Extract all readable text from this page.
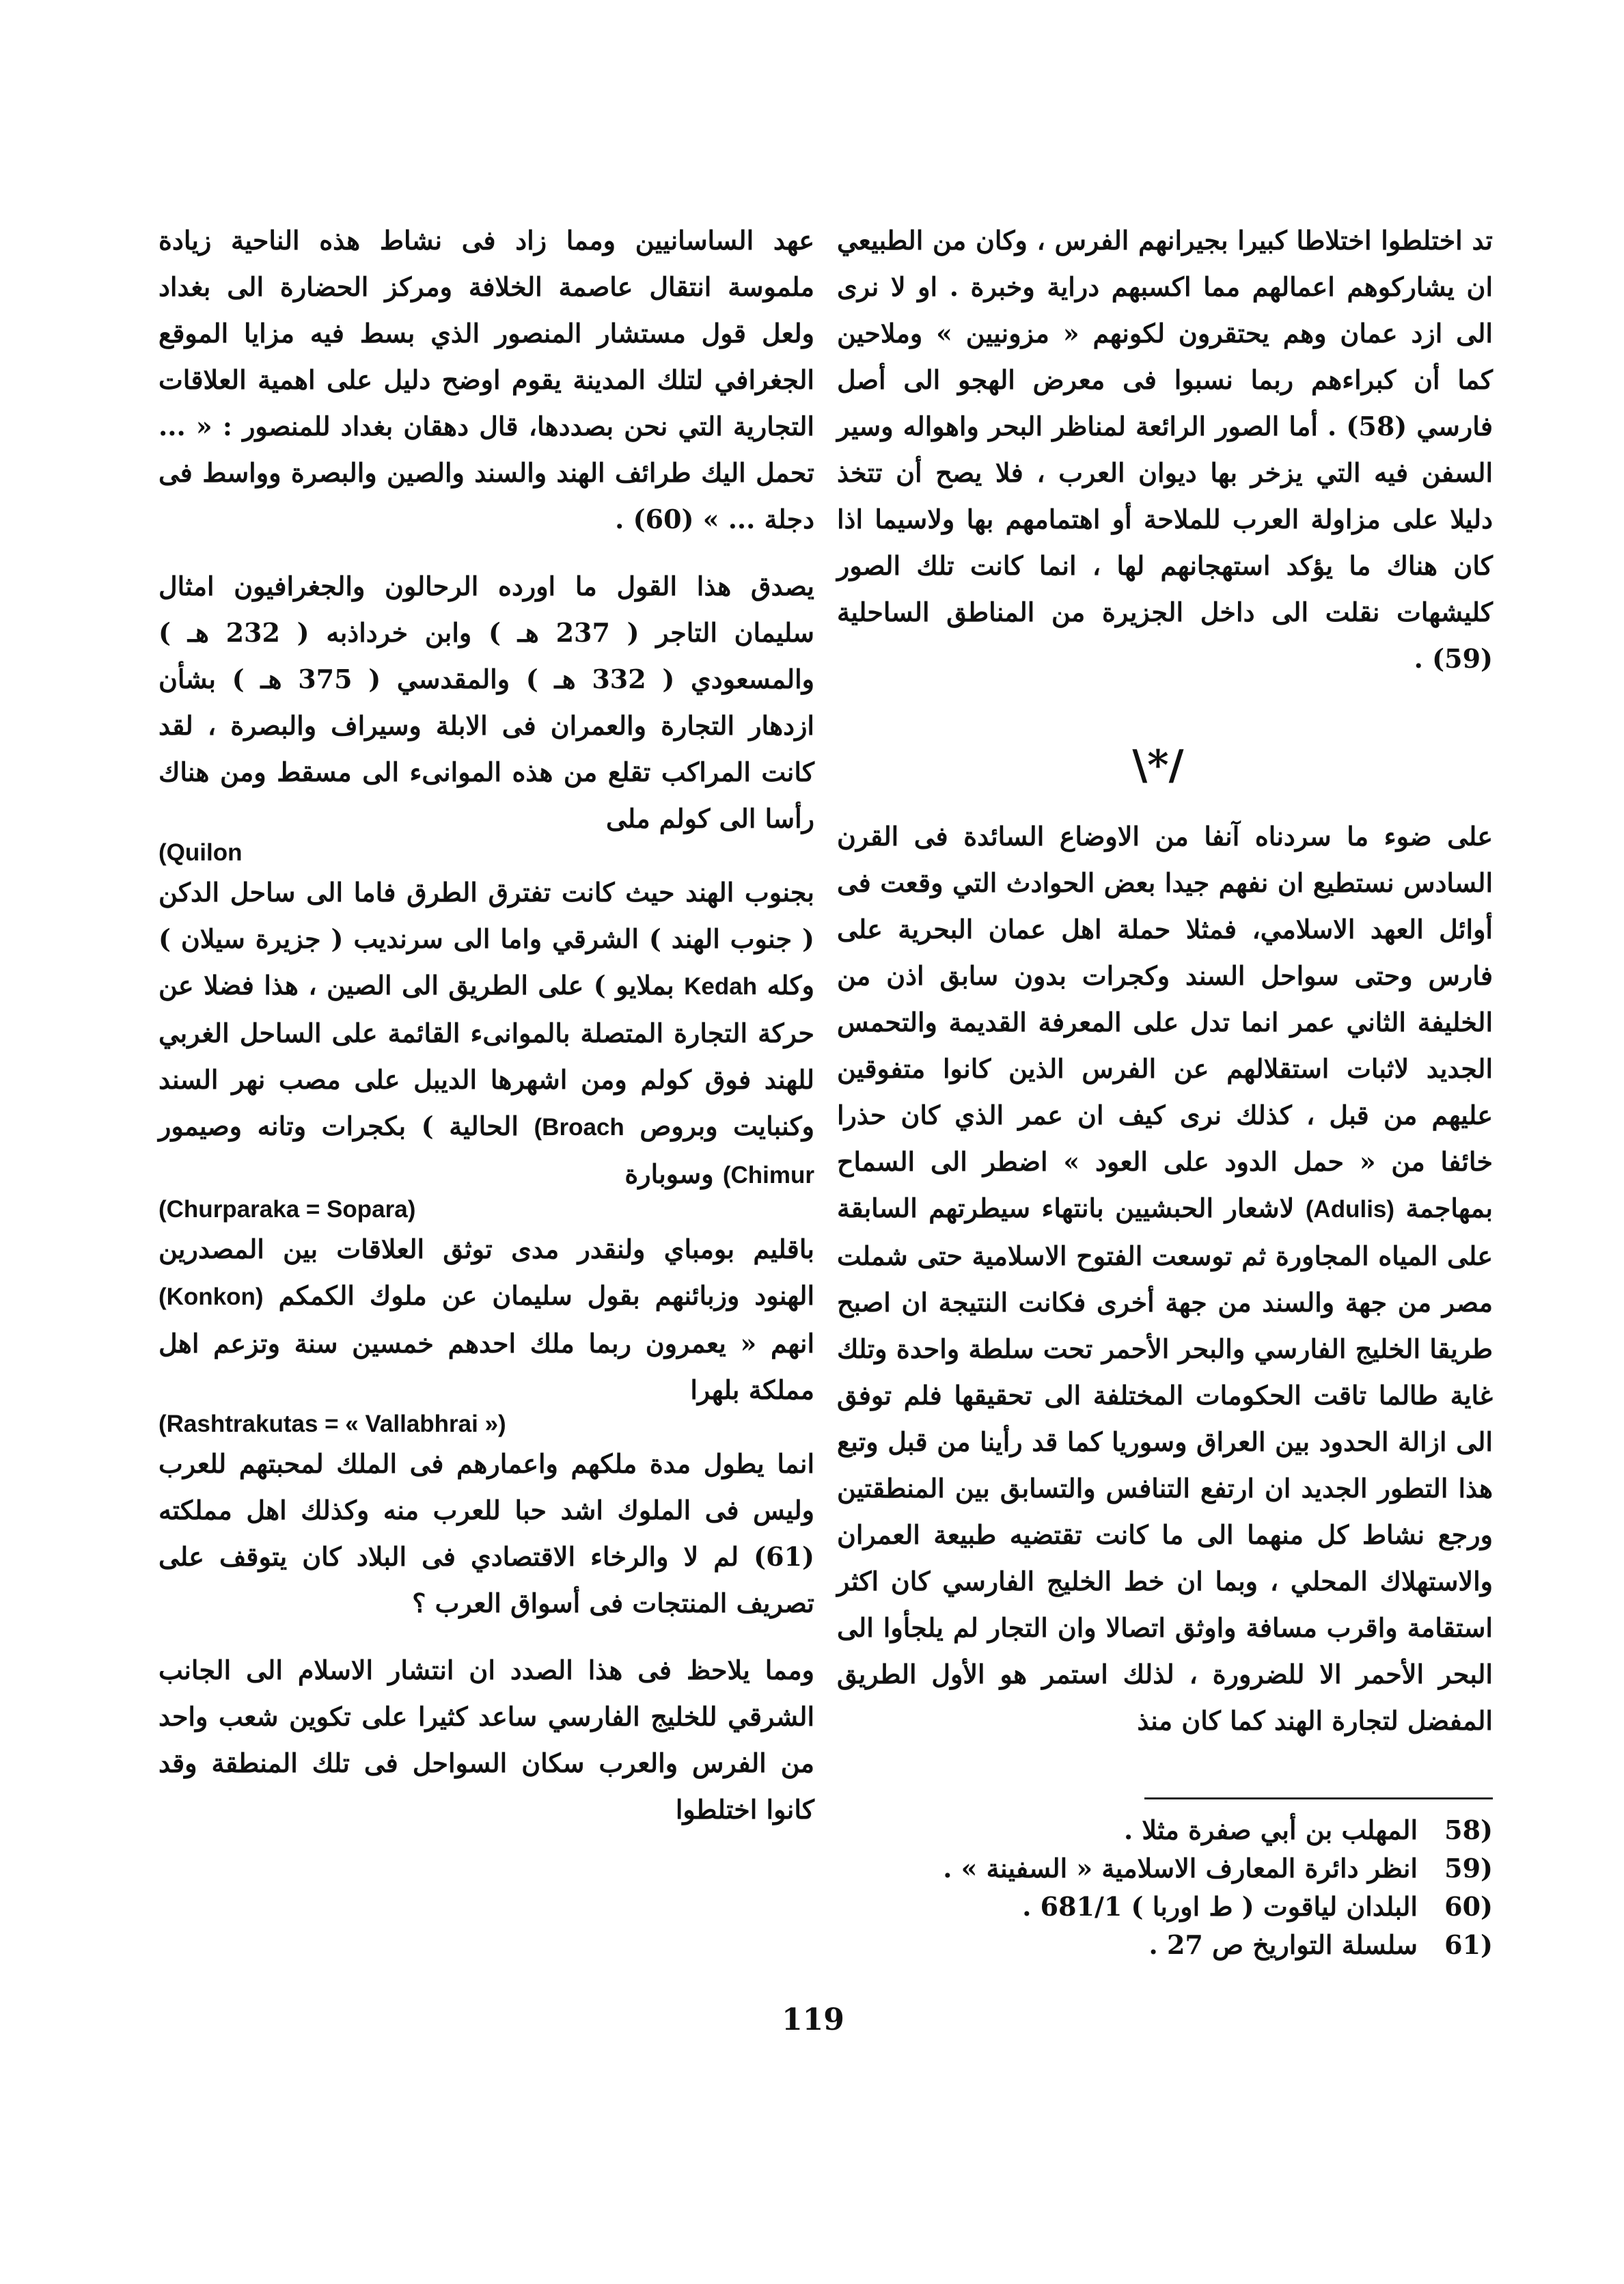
تد اختلطوا اختلاطا كبيرا بجيرانهم الفرس ، وكان من الطبيعي ان يشاركوهم اعمالهم مما اكسبهم دراية وخبرة . او لا نرى الى ازد عمان وهم يحتقرون لكونهم « مزونيين » وملاحين كما أن كبراءهم ربما نسبوا فى معرض الهجو الى أصل فارسي (58) . أما الصور الرائعة لمناظر البحر واهواله وسير السفن فيه التي يزخر بها ديوان العرب ، فلا يصح أن تتخذ دليلا على مزاولة العرب للملاحة أو اهتمامهم بها ولاسيما اذا كان هناك ما يؤكد استهجانهم لها ، انما كانت تلك الصور كليشهات نقلت الى داخل الجزيرة من المناطق الساحلية (59) .

\*/

على ضوء ما سردناه آنفا من الاوضاع السائدة فى القرن السادس نستطيع ان نفهم جيدا بعض الحوادث التي وقعت فى أوائل العهد الاسلامي، فمثلا حملة اهل عمان البحرية على فارس وحتى سواحل السند وكجرات بدون سابق اذن من الخليفة الثاني عمر انما تدل على المعرفة القديمة والتحمس الجديد لاثبات استقلالهم عن الفرس الذين كانوا متفوقين عليهم من قبل ، كذلك نرى كيف ان عمر الذي كان حذرا خائفا من « حمل الدود على العود » اضطر الى السماح بمهاجمة (Adulis) لاشعار الحبشيين بانتهاء سيطرتهم السابقة على المياه المجاورة ثم توسعت الفتوح الاسلامية حتى شملت مصر من جهة والسند من جهة أخرى فكانت النتيجة ان اصبح طريقا الخليج الفارسي والبحر الأحمر تحت سلطة واحدة وتلك غاية طالما تاقت الحكومات المختلفة الى تحقيقها فلم توفق الى ازالة الحدود بين العراق وسوريا كما قد رأينا من قبل وتبع هذا التطور الجديد ان ارتفع التنافس والتسابق بين المنطقتين ورجع نشاط كل منهما الى ما كانت تقتضيه طبيعة العمران والاستهلاك المحلي ، وبما ان خط الخليج الفارسي كان اكثر استقامة واقرب مسافة واوثق اتصالا وان التجار لم يلجأوا الى البحر الأحمر الا للضرورة ، لذلك استمر هو الأول الطريق المفضل لتجارة الهند كما كان منذ

عهد الساسانيين ومما زاد فى نشاط هذه الناحية زيادة ملموسة انتقال عاصمة الخلافة ومركز الحضارة الى بغداد ولعل قول مستشار المنصور الذي بسط فيه مزايا الموقع الجغرافي لتلك المدينة يقوم اوضح دليل على اهمية العلاقات التجارية التي نحن بصددها، قال دهقان بغداد للمنصور : « ... تحمل اليك طرائف الهند والسند والصين والبصرة وواسط فى دجلة ... » (60) .

يصدق هذا القول ما اورده الرحالون والجغرافيون امثال سليمان التاجر ( 237 هـ ) وابن خرداذبه ( 232 هـ ) والمسعودي ( 332 هـ ) والمقدسي ( 375 هـ ) بشأن ازدهار التجارة والعمران فى الابلة وسيراف والبصرة ، لقد كانت المراكب تقلع من هذه الموانىء الى مسقط ومن هناك رأسا الى كولم ملى
(Quilon
بجنوب الهند حيث كانت تفترق الطرق فاما الى ساحل الدكن ( جنوب الهند ) الشرقي واما الى سرنديب ( جزيرة سيلان ) وكله Kedah بملايو ) على الطريق الى الصين ، هذا فضلا عن حركة التجارة المتصلة بالموانىء القائمة على الساحل الغربي للهند فوق كولم ومن اشهرها الديبل على مصب نهر السند وكنبايت وبروص (Broach الحالية ) بكجرات وتانه وصيمور (Chimur وسوبارة
(Churparaka = Sopara)
باقليم بومباي ولنقدر مدى توثق العلاقات بين المصدرين الهنود وزبائنهم بقول سليمان عن ملوك الكمكم (Konkon) انهم « يعمرون ربما ملك احدهم خمسين سنة وتزعم اهل مملكة بلهرا
(Rashtrakutas = « Vallabhrai »)
انما يطول مدة ملكهم واعمارهم فى الملك لمحبتهم للعرب وليس فى الملوك اشد حبا للعرب منه وكذلك اهل مملكته (61) لم لا والرخاء الاقتصادي فى البلاد كان يتوقف على تصريف المنتجات فى أسواق العرب ؟

ومما يلاحظ فى هذا الصدد ان انتشار الاسلام الى الجانب الشرقي للخليج الفارسي ساعد كثيرا على تكوين شعب واحد من الفرس والعرب سكان السواحل فى تلك المنطقة وقد كانوا اختلطوا

58)
المهلب بن أبي صفرة مثلا .
59)
انظر دائرة المعارف الاسلامية « السفينة » .
60)
البلدان لياقوت ( ط اوربا ) 681/1 .
61)
سلسلة التواريخ ص 27 .
119
